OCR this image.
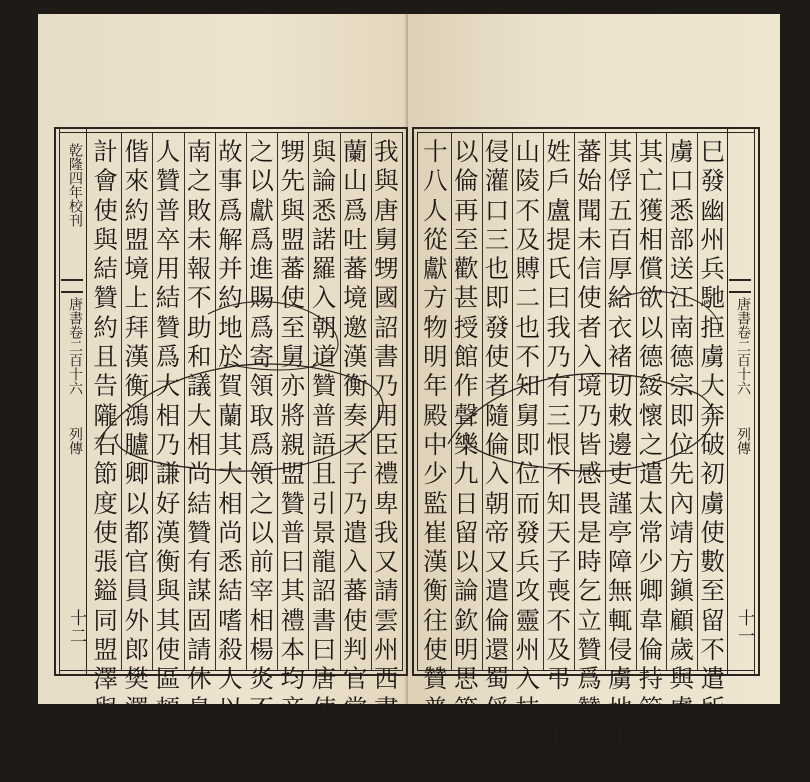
我
與
唐
舅
甥
國
詔
書
乃
用
臣
禮
卑
我
又
請
雲
州
西
盡
賀
蘭
山
爲
吐
蕃
境
邀
漢
衡
奏
天
子
乃
遣
入
蕃
使
判
官
常
魯
與
論
悉
諾
羅
入
朝
道
贊
普
語
且
引
景
龍
詔
書
曰
唐
使
至
甥
先
與
盟
蕃
使
至
舅
亦
將
親
盟
贊
普
曰
其
禮
本
均
帝
許
之
以
獻
爲
進
賜
爲
寄
領
取
爲
領
之
以
前
宰
相
楊
炎
不
通
故
事
爲
解
并
約
地
於
賀
蘭
其
大
相
尚
悉
結
嗜
殺
人
以
劒
南
之
敗
未
報
不
助
和
議
大
相
尚
結
贊
有
謀
固
請
休
息
邊
人
贊
普
卒
用
結
贊
爲
大
相
乃
謙
好
漢
衡
與
其
使
區
頰
贊
偕
來
約
盟
境
上
拜
漢
衡
鴻
臚
卿
以
都
官
員
外
郎
樊
澤
爲
計
會
使
與
結
贊
約
且
告
隴
右
節
度
使
張
鎰
同
盟
澤
與
結
乾隆四年校刊
唐書卷二百十六
列傳
十二
巳
發
幽
州
兵
馳
拒
虜
大
奔
破
初
虜
使
數
至
留
不
遣
所
俘
虜
口
悉
部
送
江
南
德
宗
即
位
先
內
靖
方
鎭
顧
歲
與
虜
确
其
亡
獲
相
償
欲
以
德
綏
懷
之
遣
太
常
少
卿
韋
倫
持
節
歸
其
俘
五
百
厚
給
衣
褚
切
敕
邊
吏
謹
亭
障
無
輒
侵
虜
地
吐
蕃
始
聞
未
信
使
者
入
境
乃
皆
感
畏
是
時
乞
立
贊
爲
贊
普
姓
戶
盧
提
氏
曰
我
乃
有
三
恨
不
知
天
子
喪
不
及
弔
一
也
山
陵
不
及
賻
二
也
不
知
舅
即
位
而
發
兵
攻
靈
州
入
扶
文
侵
灌
口
三
也
即
發
使
者
隨
倫
入
朝
帝
又
遣
倫
還
蜀
俘
虜
以
倫
再
至
歡
甚
授
館
作
聲
樂
九
日
留
以
論
欽
明
思
等
五
十
八
人
從
獻
方
物
明
年
殿
中
少
監
崔
漢
衡
往
使
贊
普
猥
曰
唐書卷二百十六
列傳
十一
